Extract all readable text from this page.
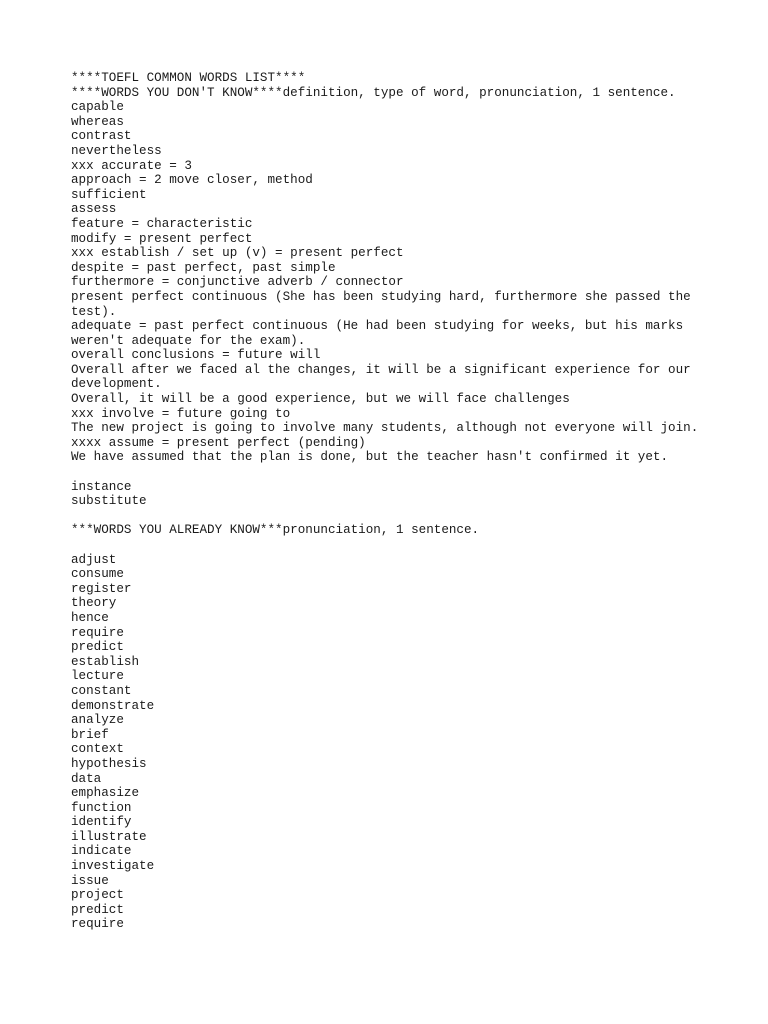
****TOEFL COMMON WORDS LIST****
****WORDS YOU DON'T KNOW****definition, type of word, pronunciation, 1 sentence.
capable
whereas
contrast
nevertheless
xxx accurate = 3
approach = 2 move closer, method
sufficient
assess
feature = characteristic
modify = present perfect
xxx establish / set up (v) = present perfect
despite = past perfect, past simple
furthermore = conjunctive adverb / connector
present perfect continuous (She has been studying hard, furthermore she passed the
test).
adequate = past perfect continuous (He had been studying for weeks, but his marks
weren't adequate for the exam).
overall conclusions = future will
Overall after we faced al the changes, it will be a significant experience for our
development.
Overall, it will be a good experience, but we will face challenges
xxx involve = future going to
The new project is going to involve many students, although not everyone will join.
xxxx assume = present perfect (pending)
We have assumed that the plan is done, but the teacher hasn't confirmed it yet.
instance
substitute
***WORDS YOU ALREADY KNOW***pronunciation, 1 sentence.
adjust
consume
register
theory
hence
require
predict
establish
lecture
constant
demonstrate
analyze
brief
context
hypothesis
data
emphasize
function
identify
illustrate
indicate
investigate
issue
project
predict
require
